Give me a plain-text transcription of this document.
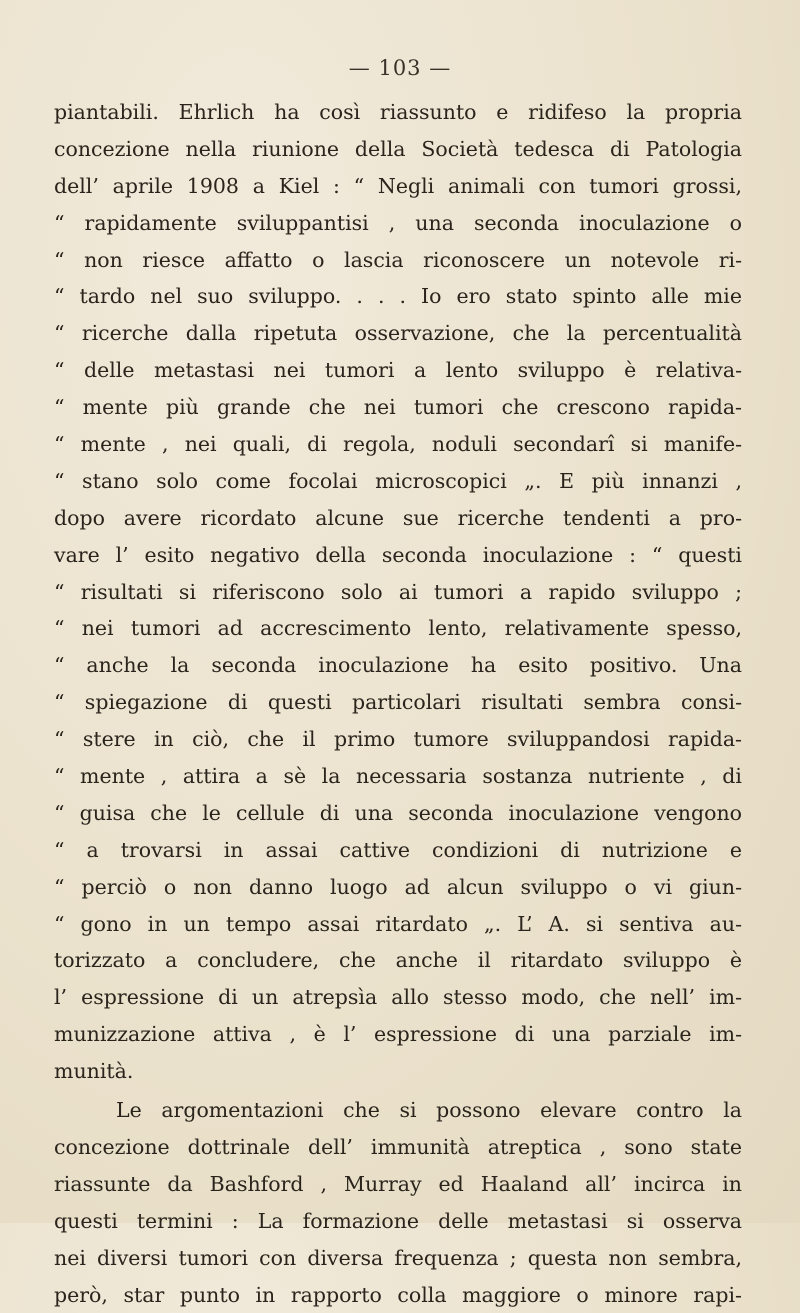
— 103 —
piantabili. Ehrlich ha così riassunto e ridifeso la propria
concezione nella riunione della Società tedesca di Patologia
dell’ aprile 1908 a Kiel : “ Negli animali con tumori grossi,
“ rapidamente sviluppantisi , una seconda inoculazione o
“ non riesce affatto o lascia riconoscere un notevole ri-
“ tardo nel suo sviluppo. . . . Io ero stato spinto alle mie
“ ricerche dalla ripetuta osservazione, che la percentualità
“ delle metastasi nei tumori a lento sviluppo è relativa-
“ mente più grande che nei tumori che crescono rapida-
“ mente , nei quali, di regola, noduli secondarî si manife-
“ stano solo come focolai microscopici „. E più innanzi ,
dopo avere ricordato alcune sue ricerche tendenti a pro-
vare l’ esito negativo della seconda inoculazione : “ questi
“ risultati si riferiscono solo ai tumori a rapido sviluppo ;
“ nei tumori ad accrescimento lento, relativamente spesso,
“ anche la seconda inoculazione ha esito positivo. Una
“ spiegazione di questi particolari risultati sembra consi-
“ stere in ciò, che il primo tumore sviluppandosi rapida-
“ mente , attira a sè la necessaria sostanza nutriente , di
“ guisa che le cellule di una seconda inoculazione vengono
“ a trovarsi in assai cattive condizioni di nutrizione e
“ perciò o non danno luogo ad alcun sviluppo o vi giun-
“ gono in un tempo assai ritardato „. L’ A. si sentiva au-
torizzato a concludere, che anche il ritardato sviluppo è
l’ espressione di un atrepsìa allo stesso modo, che nell’ im-
munizzazione attiva , è l’ espressione di una parziale im-
munità.
Le argomentazioni che si possono elevare contro la
concezione dottrinale dell’ immunità atreptica , sono state
riassunte da Bashford , Murray ed Haaland all’ incirca in
questi termini : La formazione delle metastasi si osserva
nei diversi tumori con diversa frequenza ; questa non sembra,
però, star punto in rapporto colla maggiore o minore rapi-
